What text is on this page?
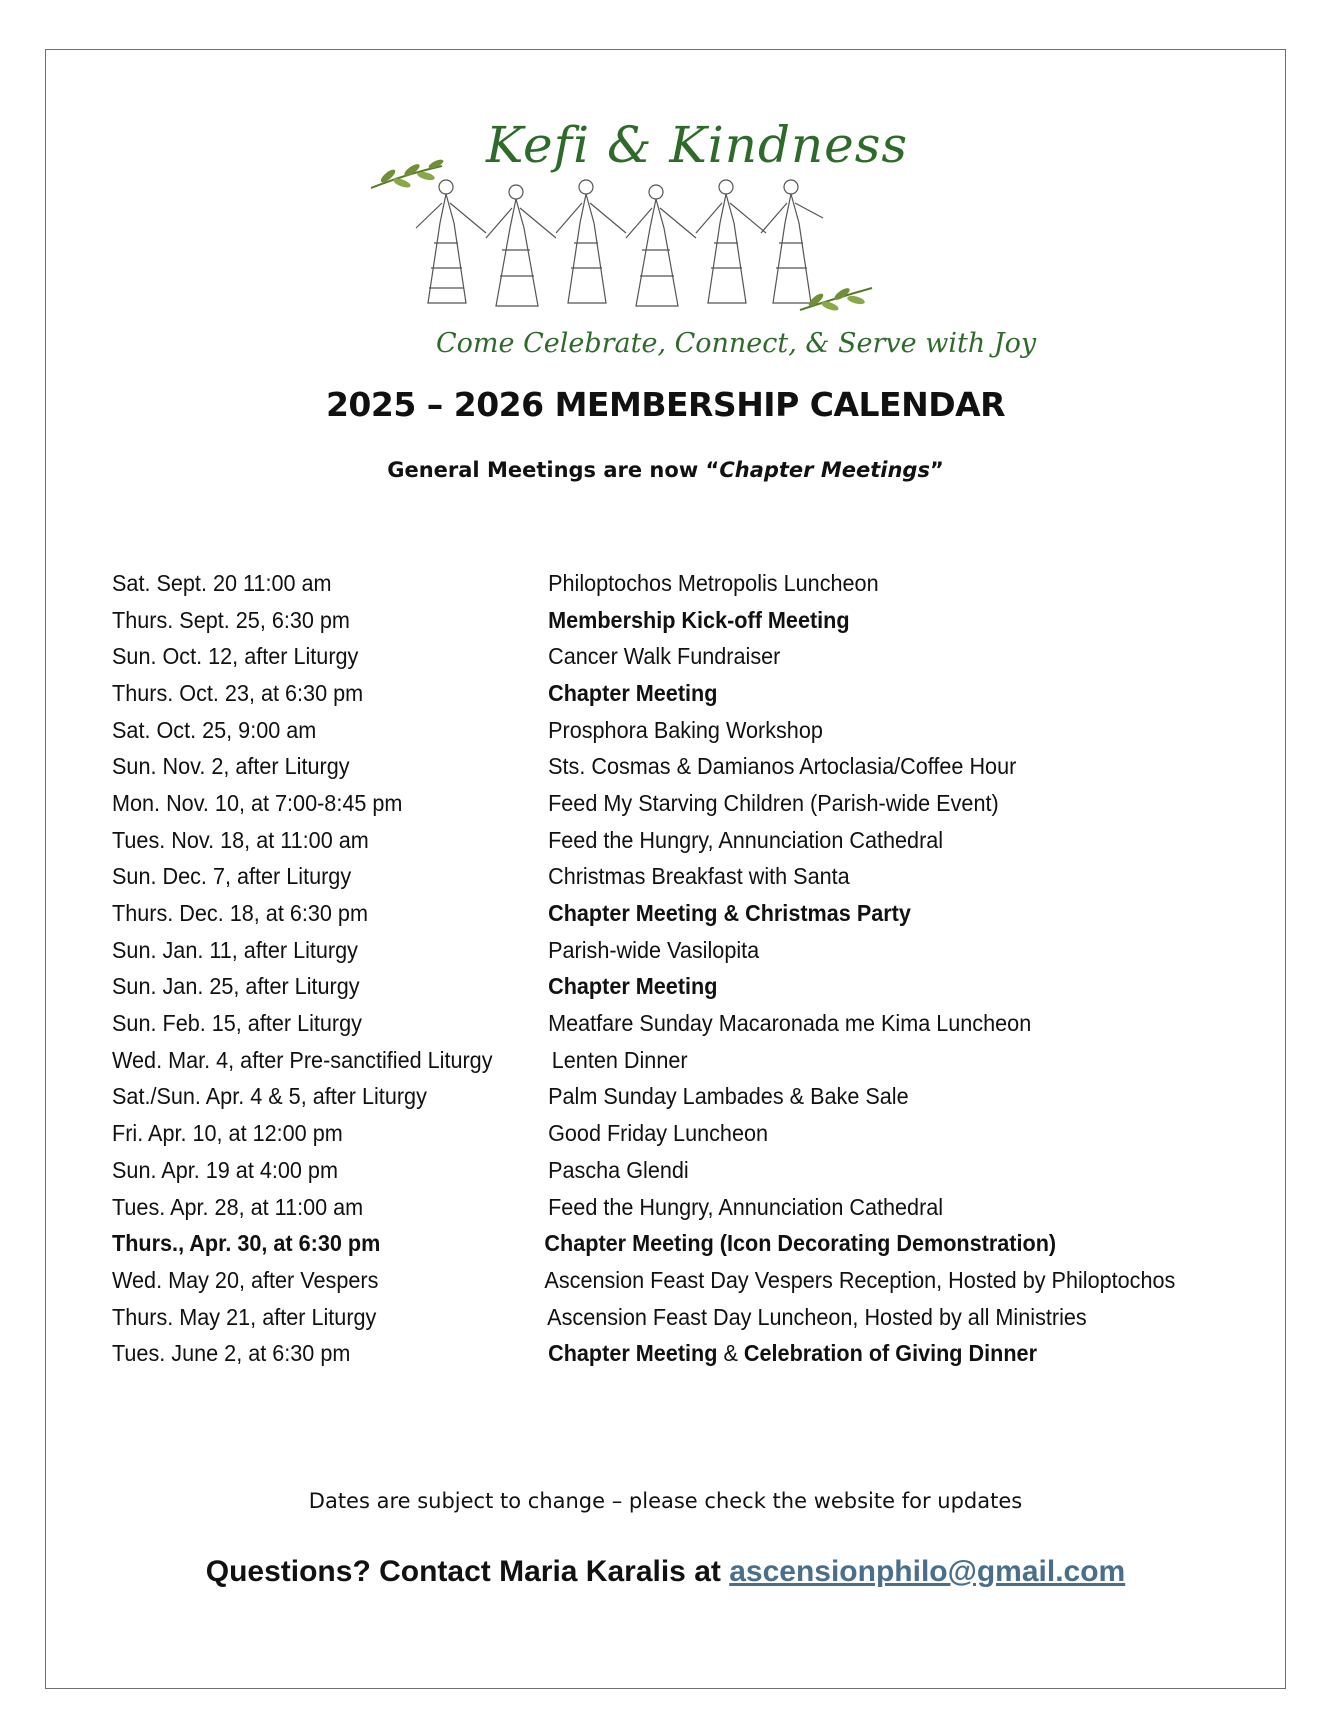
Kefi & Kindness
Come Celebrate, Connect, & Serve with Joy
2025 – 2026 MEMBERSHIP CALENDAR
General Meetings are now “Chapter Meetings”
Sat. Sept. 20 11:00 am	Philoptochos Metropolis Luncheon
Thurs. Sept. 25, 6:30 pm	Membership Kick-off Meeting
Sun. Oct. 12, after Liturgy	Cancer Walk Fundraiser
Thurs. Oct. 23, at 6:30 pm	Chapter Meeting
Sat. Oct. 25, 9:00 am	Prosphora Baking Workshop
Sun. Nov. 2, after Liturgy	Sts. Cosmas & Damianos Artoclasia/Coffee Hour
Mon. Nov. 10, at 7:00-8:45 pm	Feed My Starving Children (Parish-wide Event)
Tues. Nov. 18, at 11:00 am	Feed the Hungry, Annunciation Cathedral
Sun. Dec. 7, after Liturgy	Christmas Breakfast with Santa
Thurs. Dec. 18, at 6:30 pm	Chapter Meeting & Christmas Party
Sun. Jan. 11, after Liturgy	Parish-wide Vasilopita
Sun. Jan. 25, after Liturgy	Chapter Meeting
Sun. Feb. 15, after Liturgy	Meatfare Sunday Macaronada me Kima Luncheon
Wed. Mar. 4, after Pre-sanctified Liturgy	Lenten Dinner
Sat./Sun. Apr. 4 & 5, after Liturgy	Palm Sunday Lambades & Bake Sale
Fri. Apr. 10, at 12:00 pm	Good Friday Luncheon
Sun. Apr. 19 at 4:00 pm	Pascha Glendi
Tues. Apr. 28, at 11:00 am	Feed the Hungry, Annunciation Cathedral
Thurs., Apr. 30, at 6:30 pm	Chapter Meeting (Icon Decorating Demonstration)
Wed. May 20, after Vespers	Ascension Feast Day Vespers Reception, Hosted by Philoptochos
Thurs. May 21, after Liturgy	Ascension Feast Day Luncheon, Hosted by all Ministries
Tues. June 2, at 6:30 pm	Chapter Meeting & Celebration of Giving Dinner
Dates are subject to change – please check the website for updates
Questions? Contact Maria Karalis at ascensionphilo@gmail.com
